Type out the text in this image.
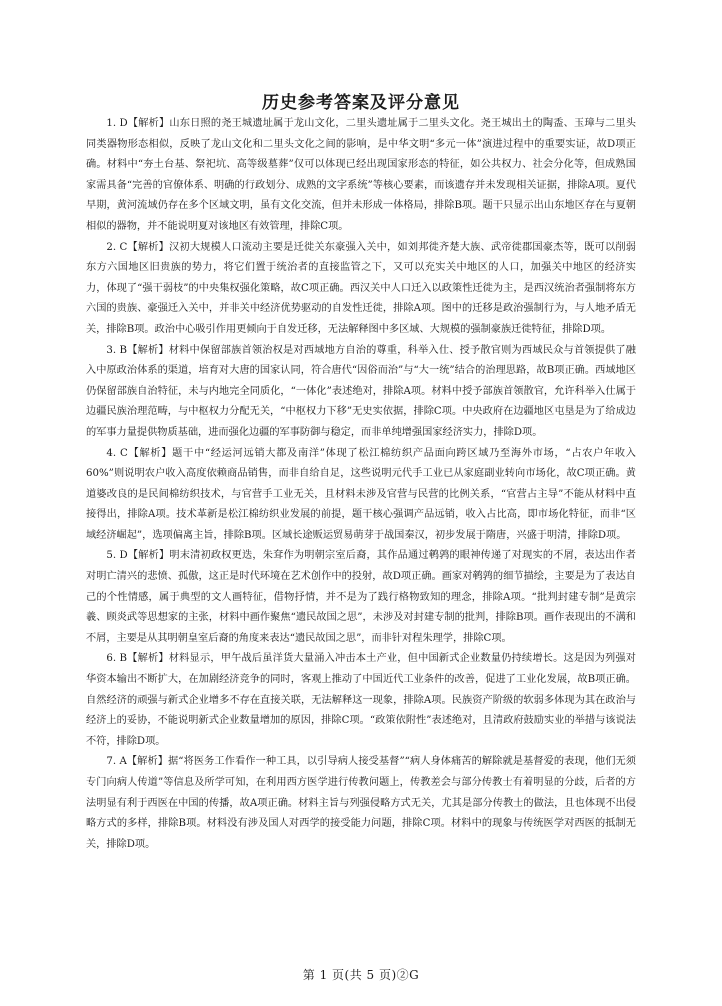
历史参考答案及评分意见

1. D【解析】山东日照的尧王城遗址属于龙山文化，二里头遗址属于二里头文化。尧王城出土的陶盉、玉璋与二里头同类器物形态相似，反映了龙山文化和二里头文化之间的影响，是中华文明“多元一体”演进过程中的重要实证，故D项正确。材料中“夯土台基、祭祀坑、高等级墓葬”仅可以体现已经出现国家形态的特征，如公共权力、社会分化等，但成熟国家需具备“完善的官僚体系、明确的行政划分、成熟的文字系统”等核心要素，而该遗存并未发现相关证据，排除A项。夏代早期，黄河流域仍存在多个区域文明，虽有文化交流，但并未形成一体格局，排除B项。题干只显示出山东地区存在与夏朝相似的器物，并不能说明夏对该地区有效管理，排除C项。

2. C【解析】汉初大规模人口流动主要是迁徙关东豪强入关中，如刘邦徙齐楚大族、武帝徙郡国豪杰等，既可以削弱东方六国地区旧贵族的势力，将它们置于统治者的直接监管之下，又可以充实关中地区的人口，加强关中地区的经济实力，体现了“强干弱枝”的中央集权强化策略，故C项正确。西汉关中人口迁入以政策性迁徙为主，是西汉统治者强制将东方六国的贵族、豪强迁入关中，并非关中经济优势驱动的自发性迁徙，排除A项。图中的迁移是政治强制行为，与人地矛盾无关，排除B项。政治中心吸引作用更倾向于自发迁移，无法解释图中多区域、大规模的强制豪族迁徙特征，排除D项。

3. B【解析】材料中保留部族首领治权是对西域地方自治的尊重，科举入仕、授予散官则为西域民众与首领提供了融入中原政治体系的渠道，培育对大唐的国家认同，符合唐代“因俗而治”与“大一统”结合的治理思路，故B项正确。西域地区仍保留部族自治特征，未与内地完全同质化，“一体化”表述绝对，排除A项。材料中授予部族首领散官，允许科举入仕属于边疆民族治理范畴，与中枢权力分配无关，“中枢权力下移”无史实依据，排除C项。中央政府在边疆地区屯垦是为了给成边的军事力量提供物质基础，进而强化边疆的军事防御与稳定，而非单纯增强国家经济实力，排除D项。

4. C【解析】题干中“经运河远销大都及南洋”体现了松江棉纺织产品面向跨区域乃至海外市场，“占农户年收入60%”则说明农户收入高度依赖商品销售，而非自给自足，这些说明元代手工业已从家庭副业转向市场化，故C项正确。黄道婆改良的是民间棉纺织技术，与官营手工业无关，且材料未涉及官营与民营的比例关系，“官营占主导”不能从材料中直接得出，排除A项。技术革新是松江棉纺织业发展的前提，题干核心强调产品远销，收入占比高，即市场化特征，而非“区域经济崛起”，选项偏离主旨，排除B项。区域长途贩运贸易萌芽于战国秦汉，初步发展于隋唐，兴盛于明清，排除D项。

5. D【解析】明末清初政权更迭，朱耷作为明朝宗室后裔，其作品通过鹌鹑的眼神传递了对现实的不屑，表达出作者对明亡清兴的悲愤、孤傲，这正是时代环境在艺术创作中的投射，故D项正确。画家对鹌鹑的细节描绘，主要是为了表达自己的个性情感，属于典型的文人画特征，借物抒情，并不是为了践行格物致知的理念，排除A项。“批判封建专制”是黄宗羲、顾炎武等思想家的主张，材料中画作聚焦“遗民故国之思”，未涉及对封建专制的批判，排除B项。画作表现出的不满和不屑，主要是从其明朝皇室后裔的角度来表达“遗民故国之思”，而非针对程朱理学，排除C项。

6. B【解析】材料显示，甲午战后虽洋货大量涌入冲击本土产业，但中国新式企业数量仍持续增长。这是因为列强对华资本输出不断扩大，在加剧经济竞争的同时，客观上推动了中国近代工业条件的改善，促进了工业化发展，故B项正确。自然经济的顽强与新式企业增多不存在直接关联，无法解释这一现象，排除A项。民族资产阶级的软弱多体现为其在政治与经济上的妥协，不能说明新式企业数量增加的原因，排除C项。“政策依附性”表述绝对，且清政府鼓励实业的举措与该说法不符，排除D项。

7. A【解析】据“将医务工作看作一种工具，以引导病人接受基督”“病人身体痛苦的解除就是基督爱的表现，他们无须专门向病人传道”等信息及所学可知，在利用西方医学进行传教问题上，传教差会与部分传教士有着明显的分歧，后者的方法明显有利于西医在中国的传播，故A项正确。材料主旨与列强侵略方式无关，尤其是部分传教士的做法，且也体现不出侵略方式的多样，排除B项。材料没有涉及国人对西学的接受能力问题，排除C项。材料中的现象与传统医学对西医的抵制无关，排除D项。

第 1 页(共 5 页)②G
